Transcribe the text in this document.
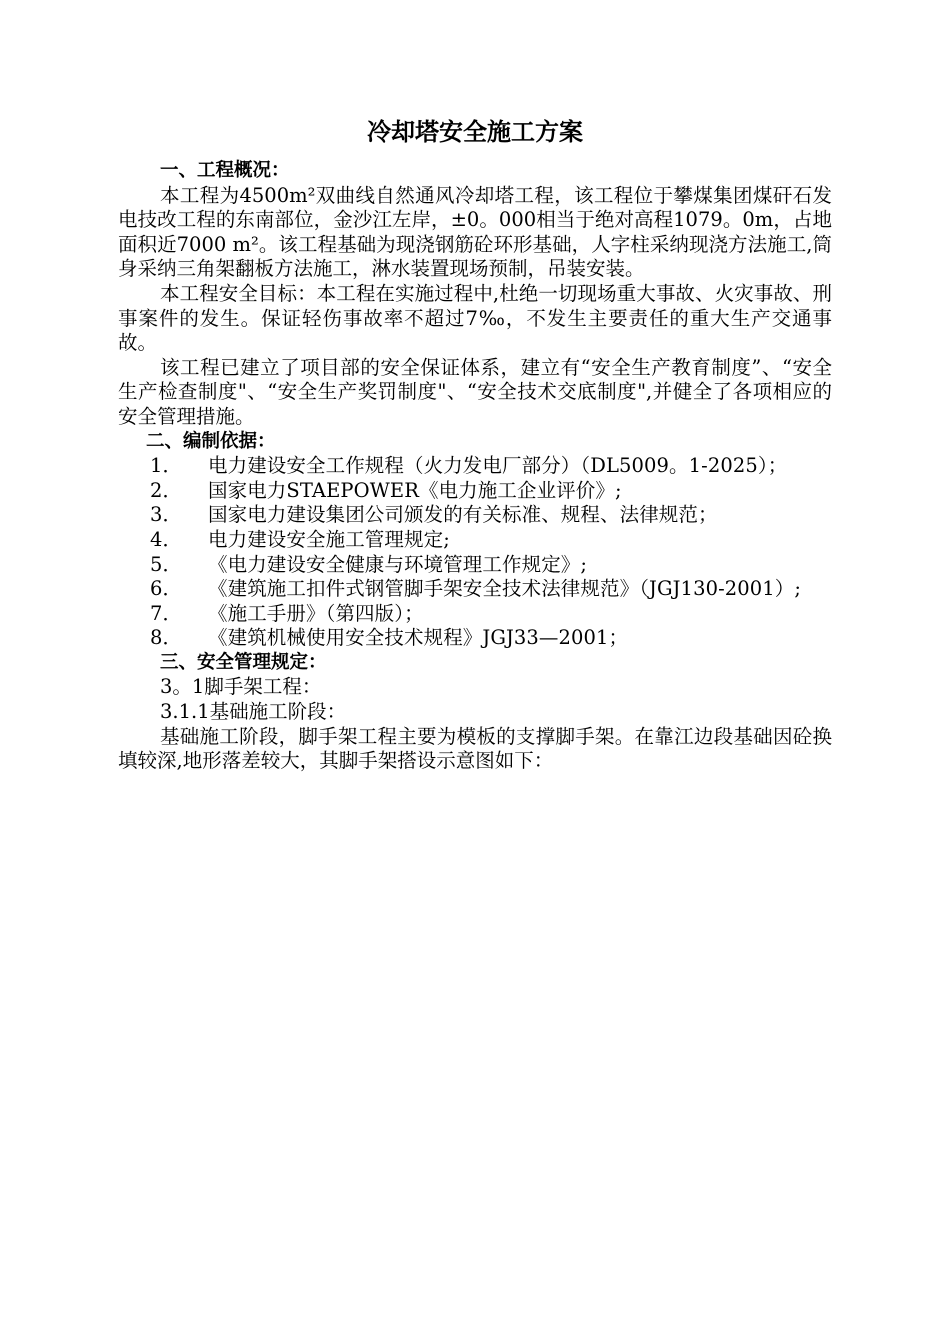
冷却塔安全施工方案
一、工程概况：

本工程为4500m²双曲线自然通风冷却塔工程，该工程位于攀煤集团煤矸石发电技改工程的东南部位，金沙江左岸，±0。000相当于绝对高程1079。0m，占地面积近7000 m²。该工程基础为现浇钢筋砼环形基础，人字柱采纳现浇方法施工,筒身采纳三角架翻板方法施工，淋水装置现场预制，吊装安装。

本工程安全目标：本工程在实施过程中,杜绝一切现场重大事故、火灾事故、刑事案件的发生。保证轻伤事故率不超过7‰，不发生主要责任的重大生产交通事故。

该工程已建立了项目部的安全保证体系，建立有“安全生产教育制度”、“安全生产检查制度"、“安全生产奖罚制度"、“安全技术交底制度",并健全了各项相应的安全管理措施。

二、编制依据：
1． 电力建设安全工作规程（火力发电厂部分）（DL5009。1-2025）；
2． 国家电力STAEPOWER《电力施工企业评价》;
3． 国家电力建设集团公司颁发的有关标准、规程、法律规范；
4． 电力建设安全施工管理规定;
5． 《电力建设安全健康与环境管理工作规定》;
6． 《建筑施工扣件式钢管脚手架安全技术法律规范》（JGJ130-2001）;
7． 《施工手册》（第四版）；
8． 《建筑机械使用安全技术规程》JGJ33—2001；
三、安全管理规定：
3。1脚手架工程：
3.1.1基础施工阶段：

基础施工阶段，脚手架工程主要为模板的支撑脚手架。在靠江边段基础因砼换填较深,地形落差较大，其脚手架搭设示意图如下：
